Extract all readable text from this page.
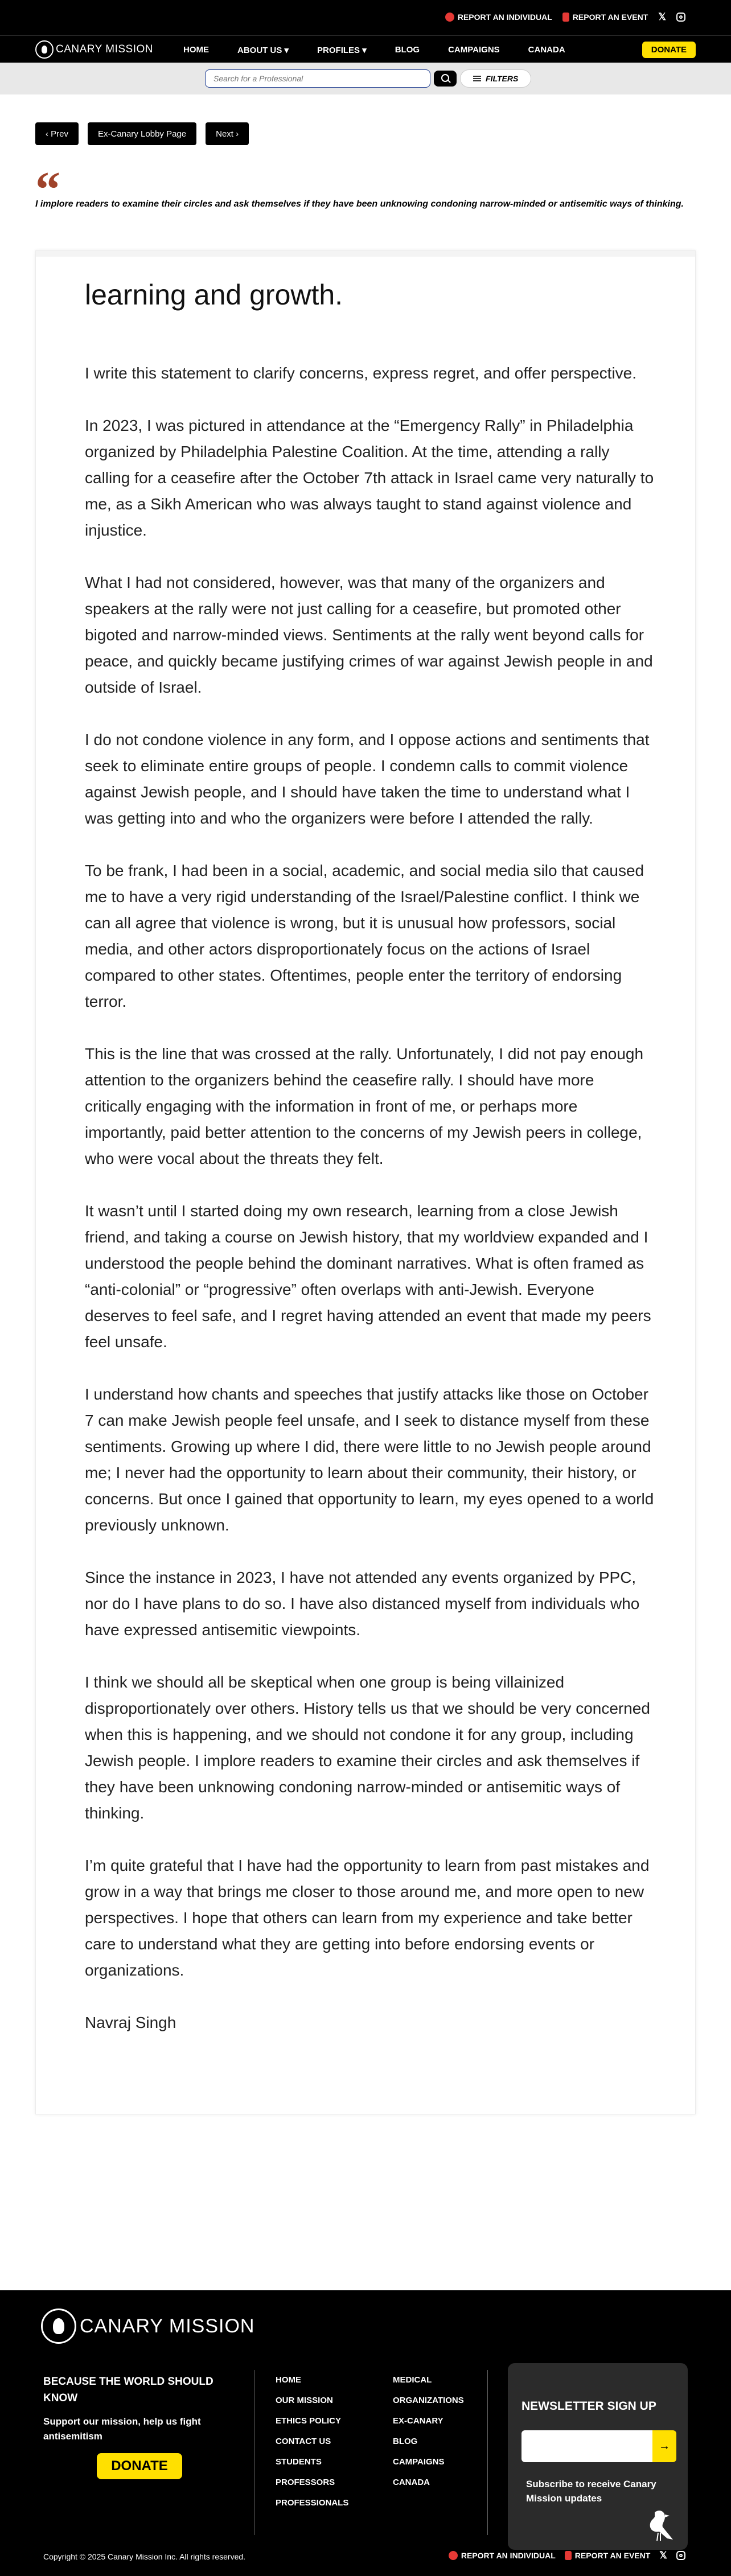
REPORT AN INDIVIDUAL	REPORT AN EVENT 𝕏
CANARY MISSION	HOME	ABOUT US ▾	PROFILES ▾	BLOG	CAMPAIGNS	CANADA	DONATE
Search for a Professional
FILTERS
‹ Prev	Ex-Canary Lobby Page	Next ›
“
I implore readers to examine their circles and ask themselves if they have been unknowing condoning narrow-minded or antisemitic ways of thinking.
learning and growth.

I write this statement to clarify concerns, express regret, and offer perspective.

In 2023, I was pictured in attendance at the “Emergency Rally” in Philadelphia organized by Philadelphia Palestine Coalition. At the time, attending a rally calling for a ceasefire after the October 7th attack in Israel came very naturally to me, as a Sikh American who was always taught to stand against violence and injustice.

What I had not considered, however, was that many of the organizers and speakers at the rally were not just calling for a ceasefire, but promoted other bigoted and narrow-minded views. Sentiments at the rally went beyond calls for peace, and quickly became justifying crimes of war against Jewish people in and outside of Israel.

I do not condone violence in any form, and I oppose actions and sentiments that seek to eliminate entire groups of people. I condemn calls to commit violence against Jewish people, and I should have taken the time to understand what I was getting into and who the organizers were before I attended the rally.

To be frank, I had been in a social, academic, and social media silo that caused me to have a very rigid understanding of the Israel/Palestine conflict. I think we can all agree that violence is wrong, but it is unusual how professors, social media, and other actors disproportionately focus on the actions of Israel compared to other states. Oftentimes, people enter the territory of endorsing terror.

This is the line that was crossed at the rally. Unfortunately, I did not pay enough attention to the organizers behind the ceasefire rally. I should have more critically engaging with the information in front of me, or perhaps more importantly, paid better attention to the concerns of my Jewish peers in college, who were vocal about the threats they felt.

It wasn’t until I started doing my own research, learning from a close Jewish friend, and taking a course on Jewish history, that my worldview expanded and I understood the people behind the dominant narratives. What is often framed as “anti-colonial” or “progressive” often overlaps with anti-Jewish. Everyone deserves to feel safe, and I regret having attended an event that made my peers feel unsafe.

I understand how chants and speeches that justify attacks like those on October 7 can make Jewish people feel unsafe, and I seek to distance myself from these sentiments. Growing up where I did, there were little to no Jewish people around me; I never had the opportunity to learn about their community, their history, or concerns. But once I gained that opportunity to learn, my eyes opened to a world previously unknown.

Since the instance in 2023, I have not attended any events organized by PPC, nor do I have plans to do so. I have also distanced myself from individuals who have expressed antisemitic viewpoints.

I think we should all be skeptical when one group is being villainized disproportionately over others. History tells us that we should be very concerned when this is happening, and we should not condone it for any group, including Jewish people. I implore readers to examine their circles and ask themselves if they have been unknowing condoning narrow-minded or antisemitic ways of thinking.

I’m quite grateful that I have had the opportunity to learn from past mistakes and grow in a way that brings me closer to those around me, and more open to new perspectives. I hope that others can learn from my experience and take better care to understand what they are getting into before endorsing events or organizations.

Navraj Singh

CANARY MISSION
BECAUSE THE WORLD SHOULD KNOW
Support our mission, help us fight antisemitism
DONATE
HOME
OUR MISSION
ETHICS POLICY
CONTACT US
STUDENTS
PROFESSORS
PROFESSIONALS
MEDICAL
ORGANIZATIONS
EX-CANARY
BLOG
CAMPAIGNS
CANADA
NEWSLETTER SIGN UP
→
Subscribe to receive Canary Mission updates
Copyright © 2025 Canary Mission Inc. All rights reserved.	REPORT AN INDIVIDUAL REPORT AN EVENT 𝕏
